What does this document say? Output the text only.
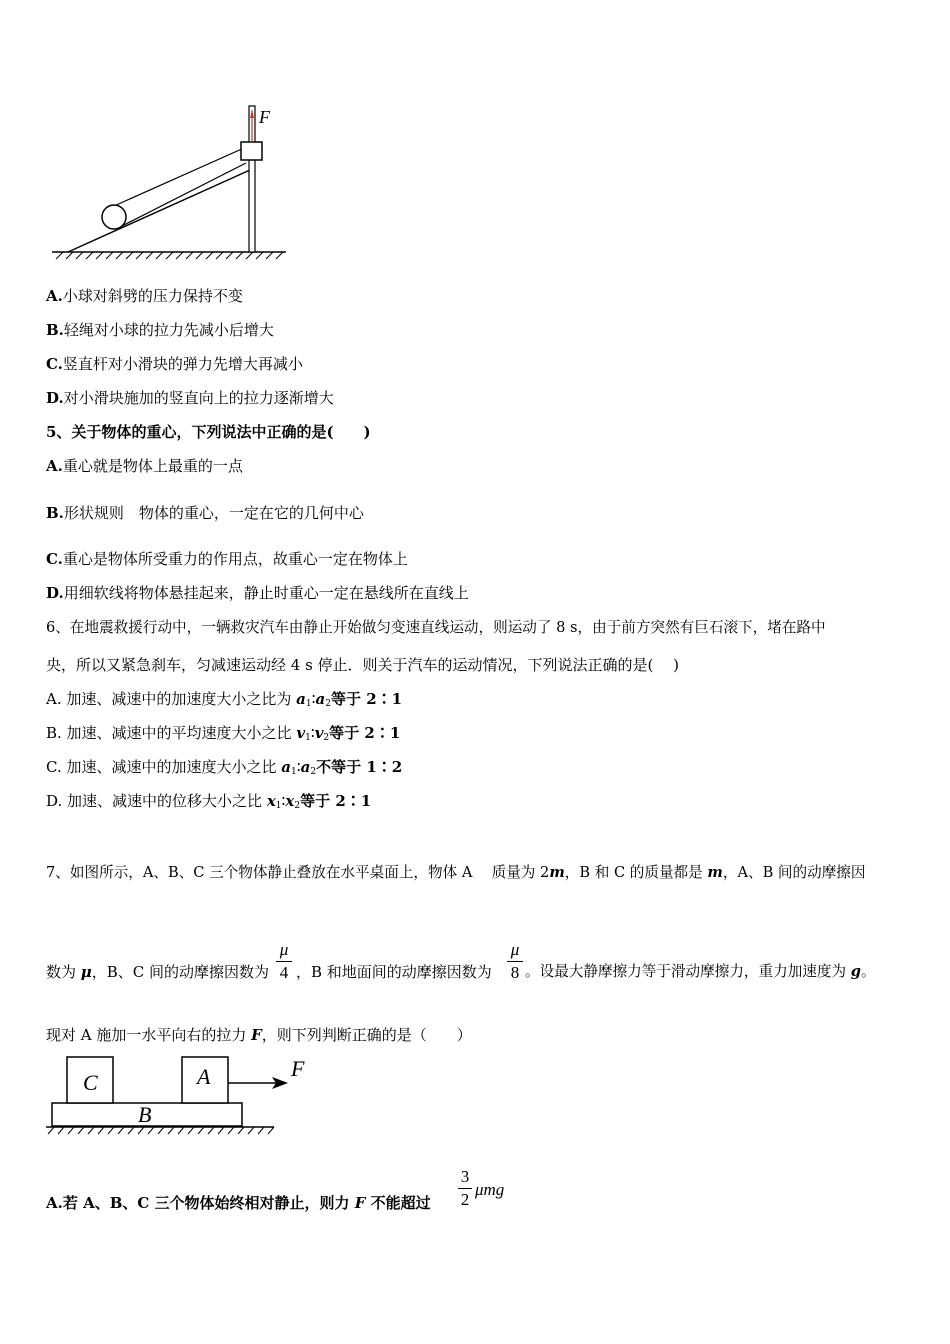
F
A.小球对斜劈的压力保持不变
B.轻绳对小球的拉力先减小后增大
C.竖直杆对小滑块的弹力先增大再减小
D.对小滑块施加的竖直向上的拉力逐渐增大
5、关于物体的重心，下列说法中正确的是(　　)
A.重心就是物体上最重的一点
B.形状规则　物体的重心，一定在它的几何中心
C.重心是物体所受重力的作用点，故重心一定在物体上
D.用细软线将物体悬挂起来，静止时重心一定在悬线所在直线上
6、在地震救援行动中，一辆救灾汽车由静止开始做匀变速直线运动，则运动了 8 s，由于前方突然有巨石滚下，堵在路中
央，所以又紧急刹车，匀减速运动经 4 s 停止．则关于汽车的运动情况，下列说法正确的是(　 )
A. 加速、减速中的加速度大小之比为 $a_1∶a_2$等于 2∶1
B. 加速、减速中的平均速度大小之比 $v_1∶v_2$等于 2∶1
C. 加速、减速中的加速度大小之比 $a_1∶a_2$不等于 1∶2
D. 加速、减速中的位移大小之比 $x_1∶x_2$等于 2∶1
7、如图所示，A、B、C 三个物体静止叠放在水平桌面上，物体 A　 质量为 2m，B 和 C 的质量都是 m，A、B 间的动摩擦因
数为 μ，B、C 间的动摩擦因数为
μ
4 ，B 和地面间的动摩擦因数为
μ
8 。设最大静摩擦力等于滑动摩擦力，重力加速度为 g。
现对 A 施加一水平向右的拉力 F，则下列判断正确的是（　　）
C	A
B
F
A.若 A、B、C 三个物体始终相对静止，则力 F 不能超过
3
2
μmg
